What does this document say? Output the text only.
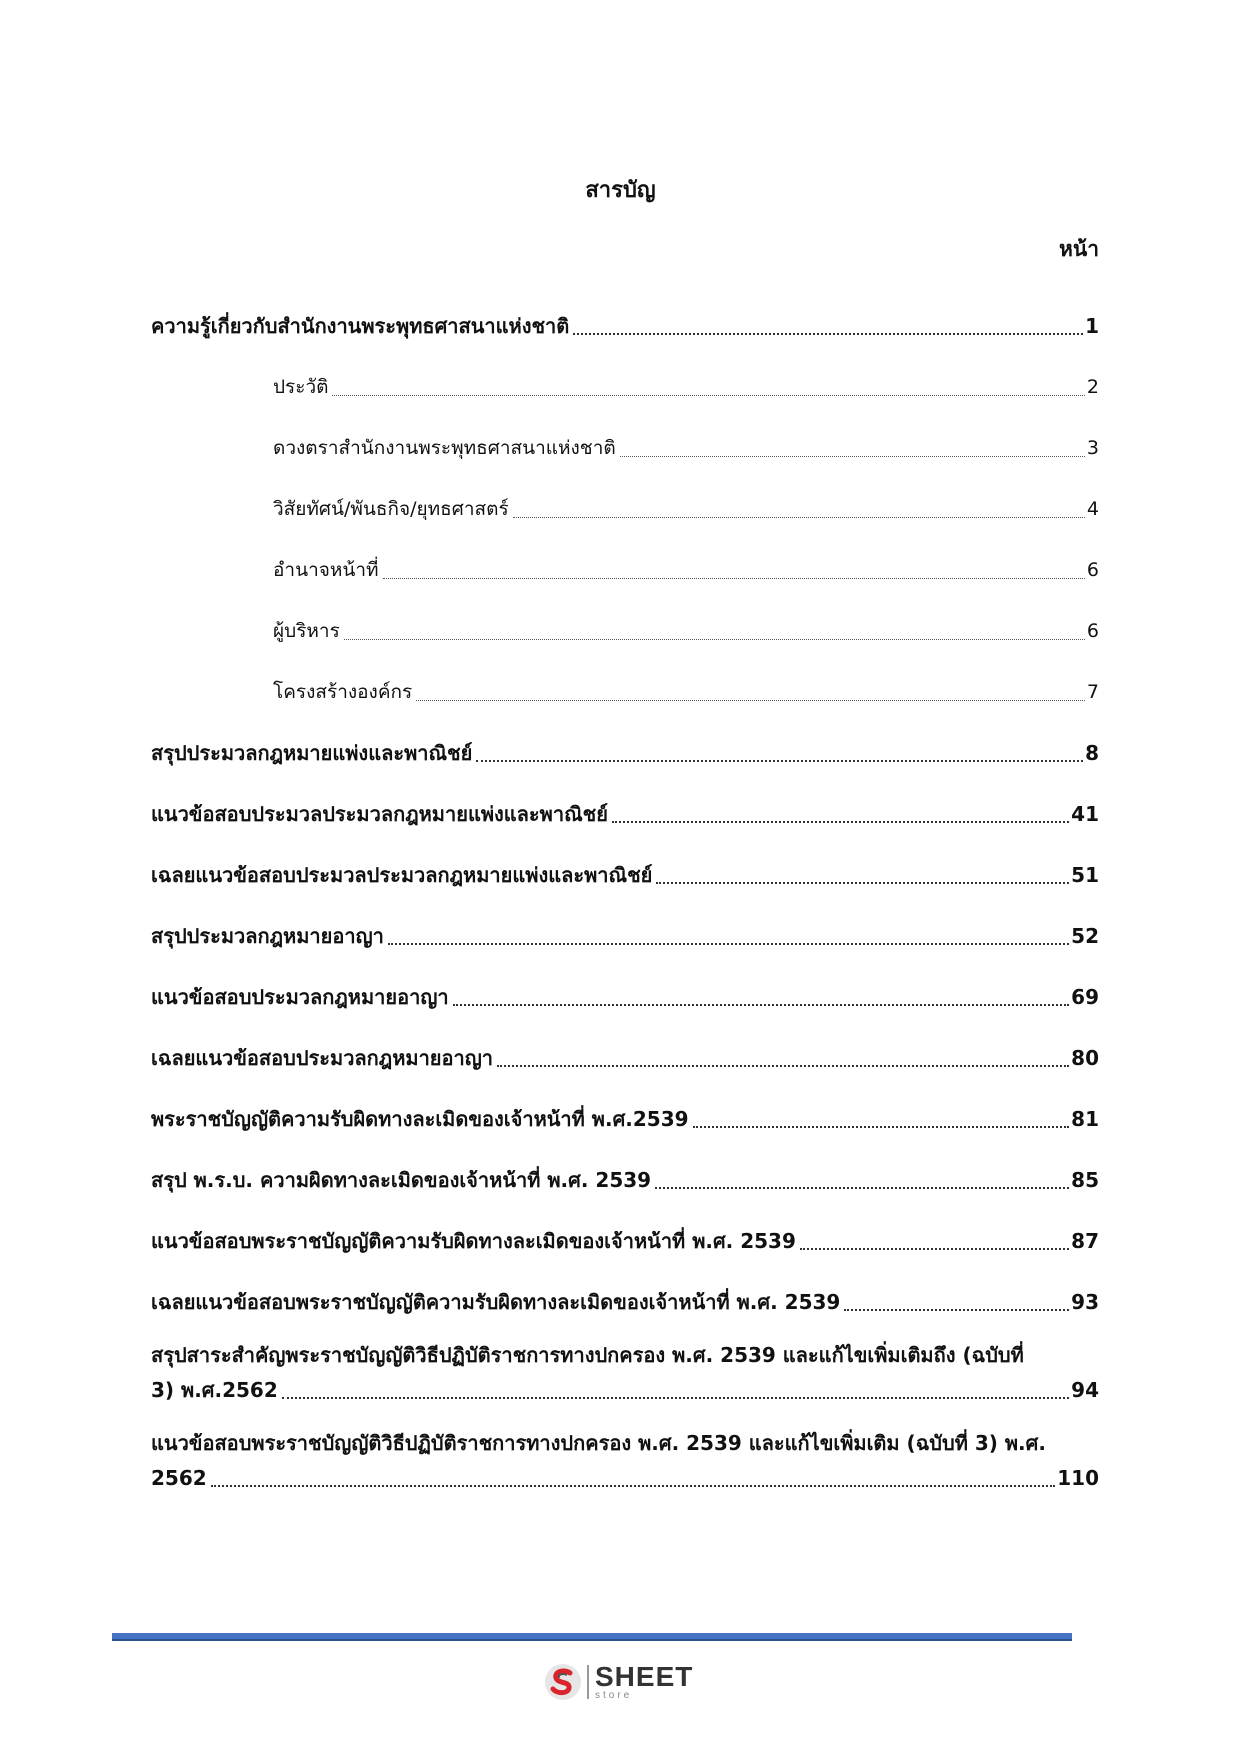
สารบัญ
หน้า
ความรู้เกี่ยวกับสำนักงานพระพุทธศาสนาแห่งชาติ	1
ประวัติ	2
ดวงตราสำนักงานพระพุทธศาสนาแห่งชาติ	3
วิสัยทัศน์/พันธกิจ/ยุทธศาสตร์	4
อำนาจหน้าที่	6
ผู้บริหาร	6
โครงสร้างองค์กร	7
สรุปประมวลกฎหมายแพ่งและพาณิชย์	8
แนวข้อสอบประมวลประมวลกฎหมายแพ่งและพาณิชย์	41
เฉลยแนวข้อสอบประมวลประมวลกฎหมายแพ่งและพาณิชย์	51
สรุปประมวลกฎหมายอาญา	52
แนวข้อสอบประมวลกฎหมายอาญา	69
เฉลยแนวข้อสอบประมวลกฎหมายอาญา	80
พระราชบัญญัติความรับผิดทางละเมิดของเจ้าหน้าที่ พ.ศ.2539	81
สรุป พ.ร.บ. ความผิดทางละเมิดของเจ้าหน้าที่ พ.ศ. 2539	85
แนวข้อสอบพระราชบัญญัติความรับผิดทางละเมิดของเจ้าหน้าที่ พ.ศ. 2539	87
เฉลยแนวข้อสอบพระราชบัญญัติความรับผิดทางละเมิดของเจ้าหน้าที่ พ.ศ. 2539	93
สรุปสาระสำคัญพระราชบัญญัติวิธีปฏิบัติราชการทางปกครอง พ.ศ. 2539 และแก้ไขเพิ่มเติมถึง (ฉบับที่
3) พ.ศ.2562	94
แนวข้อสอบพระราชบัญญัติวิธีปฏิบัติราชการทางปกครอง พ.ศ. 2539 และแก้ไขเพิ่มเติม (ฉบับที่ 3) พ.ศ.
2562	110
SHEET
store
